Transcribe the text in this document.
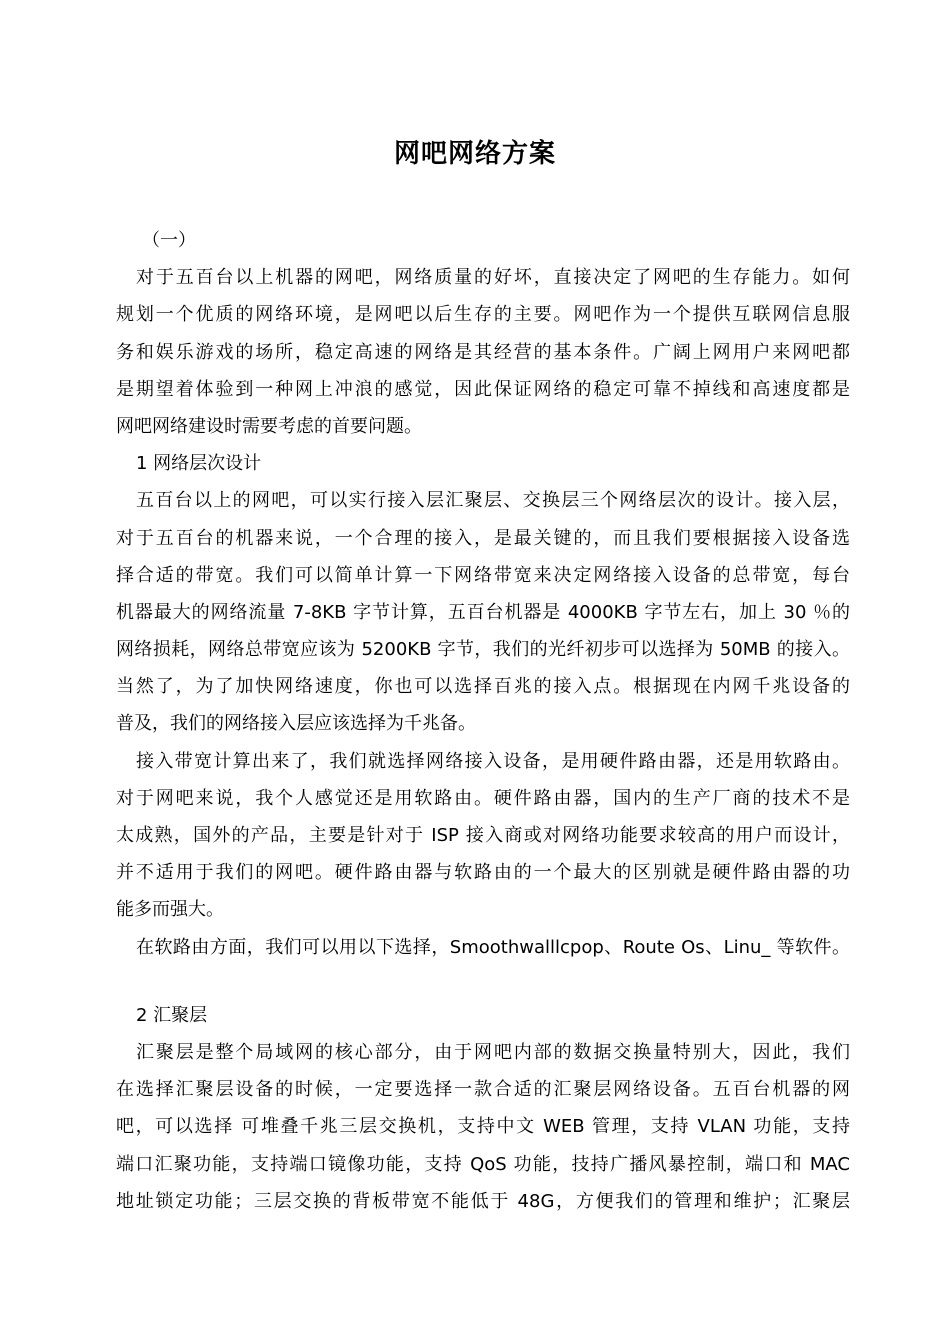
网吧网络方案

（一）

对于五百台以上机器的网吧，网络质量的好坏，直接决定了网吧的生存能力。如何

规划一个优质的网络环境，是网吧以后生存的主要。网吧作为一个提供互联网信息服

务和娱乐游戏的场所，稳定高速的网络是其经营的基本条件。广阔上网用户来网吧都

是期望着体验到一种网上冲浪的感觉，因此保证网络的稳定可靠不掉线和高速度都是

网吧网络建设时需要考虑的首要问题。

1 网络层次设计

五百台以上的网吧，可以实行接入层汇聚层、交换层三个网络层次的设计。接入层，

对于五百台的机器来说，一个合理的接入，是最关键的，而且我们要根据接入设备选

择合适的带宽。我们可以简单计算一下网络带宽来决定网络接入设备的总带宽，每台

机器最大的网络流量 7-8KB 字节计算，五百台机器是 4000KB 字节左右，加上 30 ％的

网络损耗，网络总带宽应该为 5200KB 字节，我们的光纤初步可以选择为 50MB 的接入。

当然了，为了加快网络速度，你也可以选择百兆的接入点。根据现在内网千兆设备的

普及，我们的网络接入层应该选择为千兆备。

接入带宽计算出来了，我们就选择网络接入设备，是用硬件路由器，还是用软路由。

对于网吧来说，我个人感觉还是用软路由。硬件路由器，国内的生产厂商的技术不是

太成熟，国外的产品，主要是针对于 ISP 接入商或对网络功能要求较高的用户而设计，

并不适用于我们的网吧。硬件路由器与软路由的一个最大的区别就是硬件路由器的功

能多而强大。

在软路由方面，我们可以用以下选择，Smoothwalllcpop、Route Os、Linu_ 等软件。

2 汇聚层

汇聚层是整个局域网的核心部分，由于网吧内部的数据交换量特别大，因此，我们

在选择汇聚层设备的时候，一定要选择一款合适的汇聚层网络设备。五百台机器的网

吧，可以选择 可堆叠千兆三层交换机，支持中文 WEB 管理，支持 VLAN 功能，支持

端口汇聚功能，支持端口镜像功能，支持 QoS 功能，技持广播风暴控制，端口和 MAC

地址锁定功能；三层交换的背板带宽不能低于 48G，方便我们的管理和维护；汇聚层
